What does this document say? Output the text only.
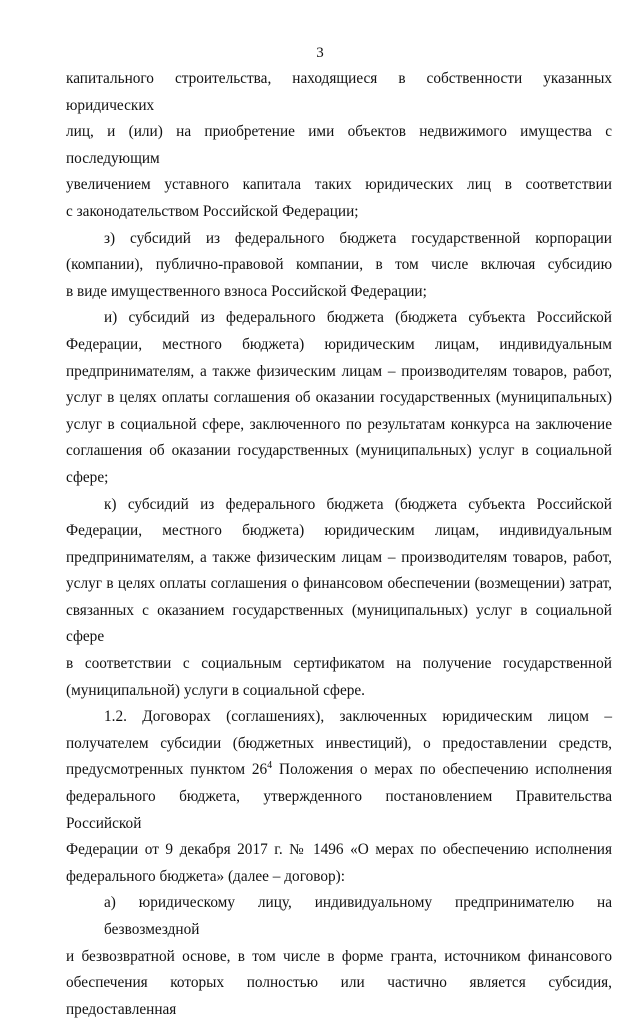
3
капитального строительства, находящиеся в собственности указанных юридических
лиц, и (или) на приобретение ими объектов недвижимого имущества с последующим
увеличением уставного капитала таких юридических лиц в соответствии
с законодательством Российской Федерации;
з) субсидий из федерального бюджета государственной корпорации
(компании), публично-правовой компании, в том числе включая субсидию
в виде имущественного взноса Российской Федерации;
и) субсидий из федерального бюджета (бюджета субъекта Российской
Федерации, местного бюджета) юридическим лицам, индивидуальным
предпринимателям, а также физическим лицам – производителям товаров, работ,
услуг в целях оплаты соглашения об оказании государственных (муниципальных)
услуг в социальной сфере, заключенного по результатам конкурса на заключение
соглашения об оказании государственных (муниципальных) услуг в социальной
сфере;
к) субсидий из федерального бюджета (бюджета субъекта Российской
Федерации, местного бюджета) юридическим лицам, индивидуальным
предпринимателям, а также физическим лицам – производителям товаров, работ,
услуг в целях оплаты соглашения о финансовом обеспечении (возмещении) затрат,
связанных с оказанием государственных (муниципальных) услуг в социальной сфере
в соответствии с социальным сертификатом на получение государственной
(муниципальной) услуги в социальной сфере.
1.2. Договорах (соглашениях), заключенных юридическим лицом –
получателем субсидии (бюджетных инвестиций), о предоставлении средств,
предусмотренных пунктом $26^4$ Положения о мерах по обеспечению исполнения
федерального бюджета, утвержденного постановлением Правительства Российской
Федерации от 9 декабря 2017 г. № 1496 «О мерах по обеспечению исполнения
федерального бюджета» (далее – договор):
а) юридическому лицу, индивидуальному предпринимателю на безвозмездной
и безвозвратной основе, в том числе в форме гранта, источником финансового
обеспечения которых полностью или частично является субсидия, предоставленная
